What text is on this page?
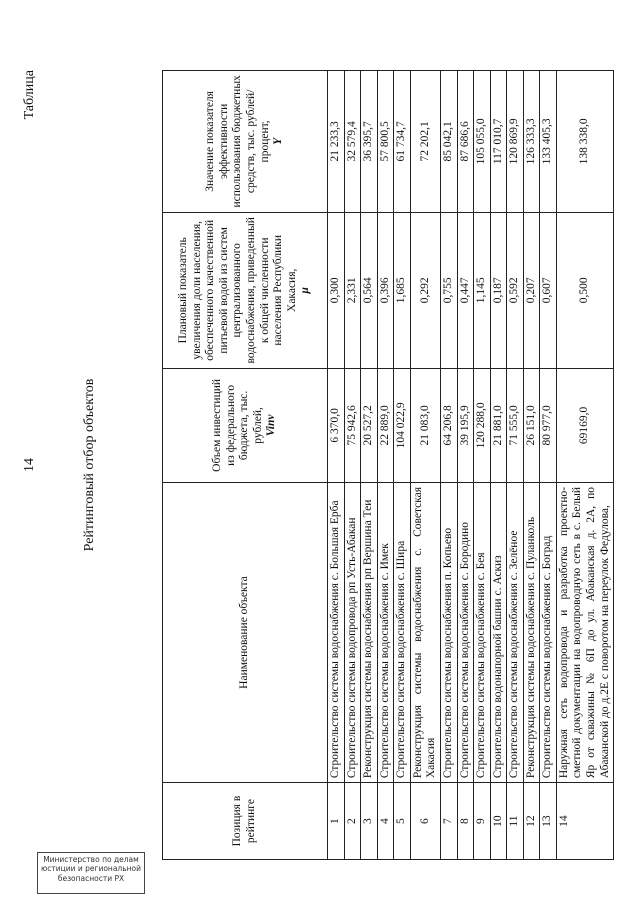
14
Таблица
Рейтинговый отбор объектов
Позиция в рейтинге	Наименование объекта	Объем инвестиций из федерального бюджета, тыс. рублей, Vinv	Плановый показатель увеличения доли населения, обеспеченного качественной питьевой водой из систем централизованного водоснабжения, приведенный к общей численности населения Республики Хакасия, μ	Значение показателя эффективности использования бюджетных средств, тыс. рублей/процент, Y
1	Строительство системы водоснабжения с. Большая Ерба	6 370,0	0,300	21 233,3
2	Строительство системы водопровода рп Усть-Абакан	75 942,6	2,331	32 579,4
3	Реконструкция системы водоснабжения рп Вершина Теи	20 527,2	0,564	36 395,7
4	Строительство системы водоснабжения с. Имек	22 889,0	0,396	57 800,5
5	Строительство системы водоснабжения с. Шира	104 022,9	1,685	61 734,7
6	Реконструкция системы водоснабжения с. Советская Хакасия	21 083,0	0,292	72 202,1
7	Строительство системы водоснабжения п. Копьево	64 206,8	0,755	85 042,1
8	Строительство системы водоснабжения с. Бородино	39 195,9	0,447	87 686,6
9	Строительство системы водоснабжения с. Бея	120 288,0	1,145	105 055,0
10	Строительство водонапорной башни с. Аскиз	21 881,0	0,187	117 010,7
11	Строительство системы водоснабжения с. Зелёное	71 555,0	0,592	120 869,9
12	Реконструкция системы водоснабжения с. Пуланколь	26 151,0	0,207	126 333,3
13	Строительство системы водоснабжения с. Боград	80 977,0	0,607	133 405,3
14	Наружная сеть водопровода и разработка проектно-сметной документации на водопроводную сеть в с. Белый Яр от скважины № 6П до ул. Абаканская д. 2А, по Абаканской до д.2Е с поворотом на переулок Федулова,	69169,0	0,500	138 338,0
Министерство по делам юстиции и региональной безопасности РХ
